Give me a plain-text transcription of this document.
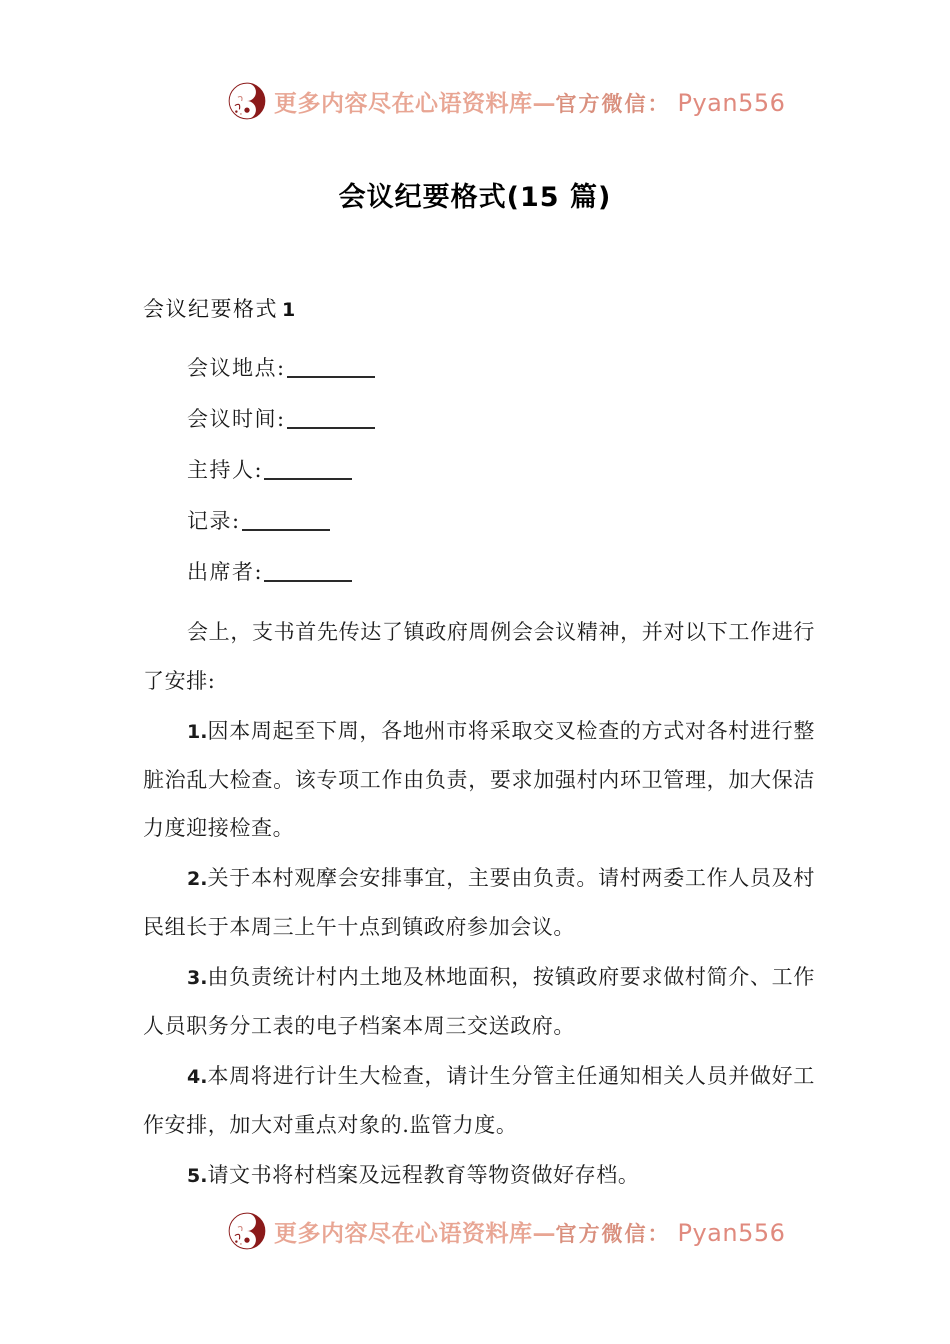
更多内容尽在心语资料库 — 官方微信 ： Pyan556
会议纪要格式(15 篇)

会议纪要格式 1

会议地点:

会议时间:

主持人:

记录:

出席者:

会上，支书首先传达了镇政府周例会会议精神，并对以下工作进行了安排:

1.因本周起至下周，各地州市将采取交叉检查的方式对各村进行整脏治乱大检查。该专项工作由负责，要求加强村内环卫管理，加大保洁力度迎接检查。

2.关于本村观摩会安排事宜，主要由负责。请村两委工作人员及村民组长于本周三上午十点到镇政府参加会议。

3.由负责统计村内土地及林地面积，按镇政府要求做村简介、工作人员职务分工表的电子档案本周三交送政府。

4.本周将进行计生大检查，请计生分管主任通知相关人员并做好工作安排，加大对重点对象的.监管力度。

5.请文书将村档案及远程教育等物资做好存档。

更多内容尽在心语资料库 — 官方微信 ： Pyan556
